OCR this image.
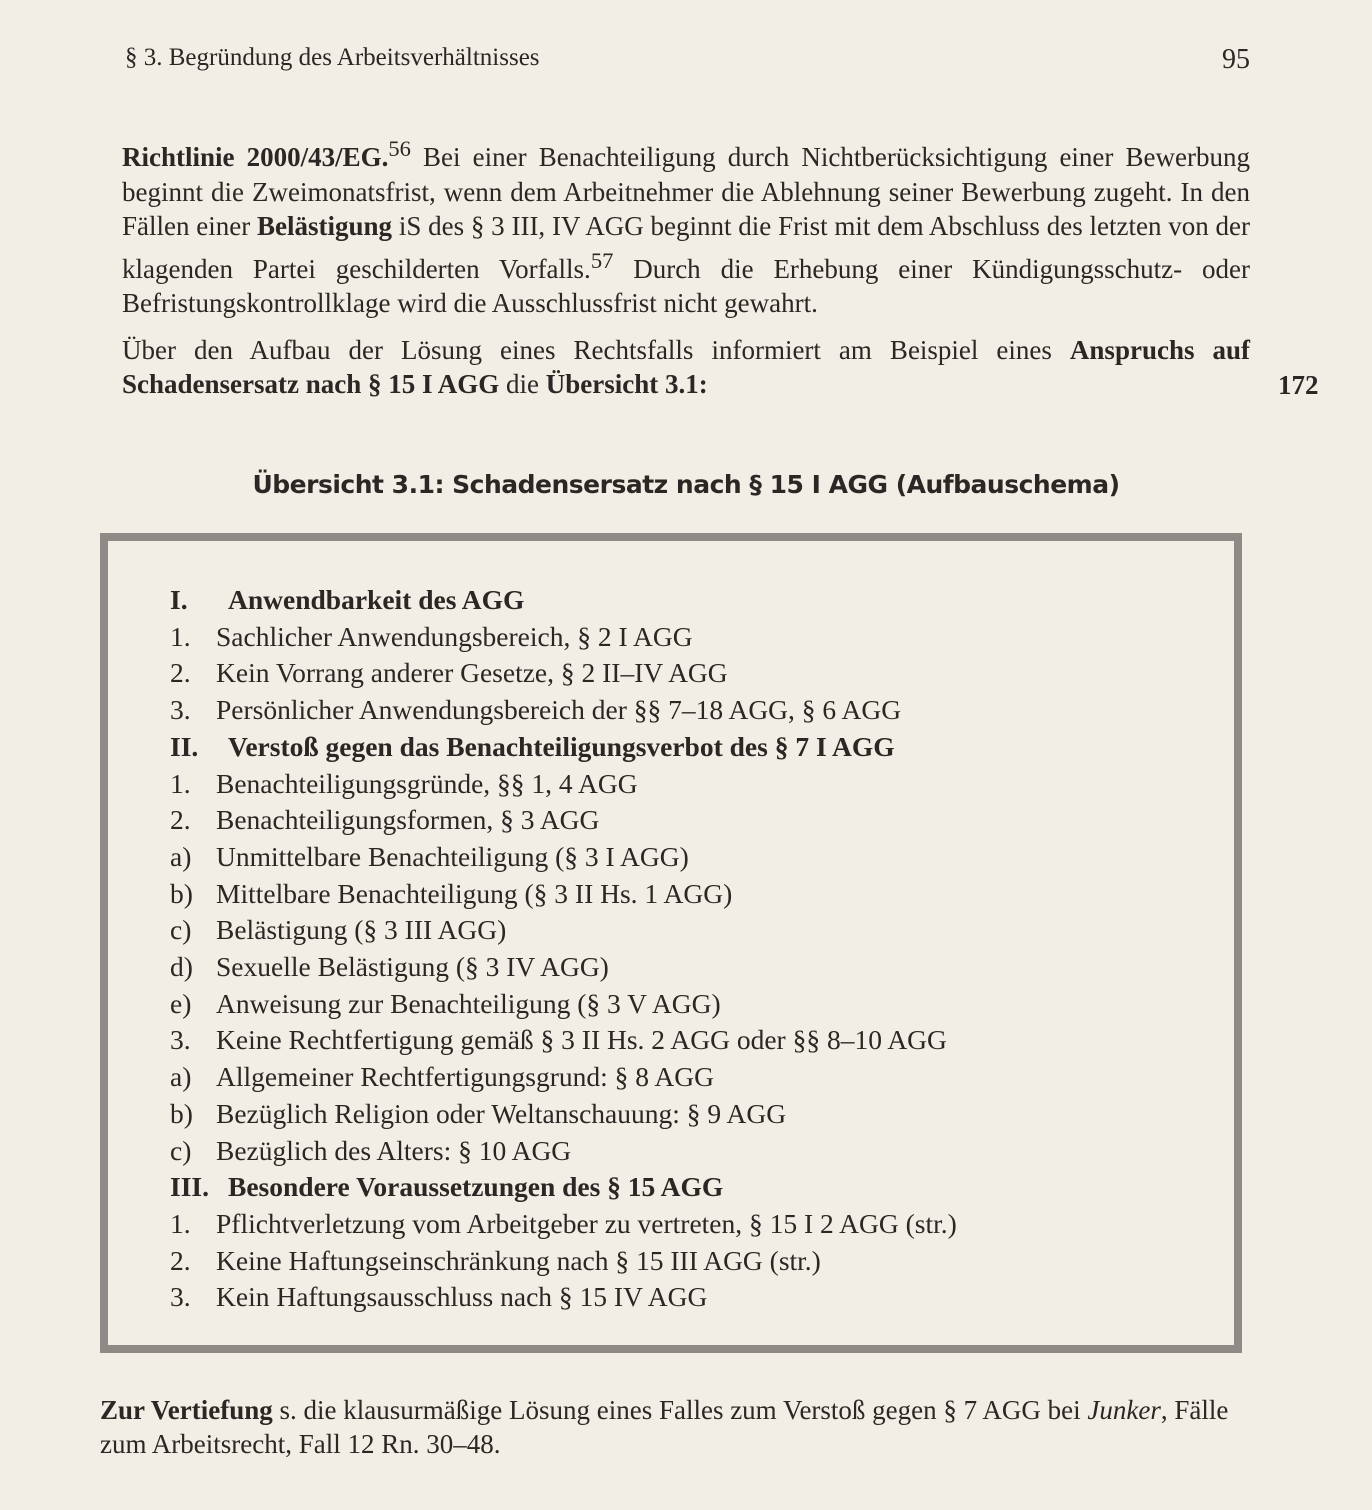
§ 3. Begründung des Arbeitsverhältnisses	95

Richtlinie 2000/43/EG.$^{56}$ Bei einer Benachteiligung durch Nichtberücksichtigung einer Bewerbung beginnt die Zweimonatsfrist, wenn dem Arbeitnehmer die Ablehnung seiner Bewerbung zugeht. In den Fällen einer Belästigung iS des § 3 III, IV AGG beginnt die Frist mit dem Abschluss des letzten von der klagenden Partei geschilderten Vorfalls.$^{57}$ Durch die Erhebung einer Kündigungsschutz- oder Befristungskontrollklage wird die Ausschlussfrist nicht gewahrt.

Über den Aufbau der Lösung eines Rechtsfalls informiert am Beispiel eines Anspruchs auf Schadensersatz nach § 15 I AGG die Übersicht 3.1:	172
Übersicht 3.1: Schadensersatz nach § 15 I AGG (Aufbauschema)
I.	Anwendbarkeit des AGG
1. Sachlicher Anwendungsbereich, § 2 I AGG
2. Kein Vorrang anderer Gesetze, § 2 II–IV AGG
3. Persönlicher Anwendungsbereich der §§ 7–18 AGG, § 6 AGG
II.	Verstoß gegen das Benachteiligungsverbot des § 7 I AGG
1. Benachteiligungsgründe, §§ 1, 4 AGG
2. Benachteiligungsformen, § 3 AGG
a) Unmittelbare Benachteiligung (§ 3 I AGG)
b) Mittelbare Benachteiligung (§ 3 II Hs. 1 AGG)
c) Belästigung (§ 3 III AGG)
d) Sexuelle Belästigung (§ 3 IV AGG)
e) Anweisung zur Benachteiligung (§ 3 V AGG)
3. Keine Rechtfertigung gemäß § 3 II Hs. 2 AGG oder §§ 8–10 AGG
a) Allgemeiner Rechtfertigungsgrund: § 8 AGG
b) Bezüglich Religion oder Weltanschauung: § 9 AGG
c) Bezüglich des Alters: § 10 AGG
III. Besondere Voraussetzungen des § 15 AGG
1. Pflichtverletzung vom Arbeitgeber zu vertreten, § 15 I 2 AGG (str.)
2. Keine Haftungseinschränkung nach § 15 III AGG (str.)
3. Kein Haftungsausschluss nach § 15 IV AGG
Zur Vertiefung s. die klausurmäßige Lösung eines Falles zum Verstoß gegen § 7 AGG bei Junker, Fälle zum Arbeitsrecht, Fall 12 Rn. 30–48.
